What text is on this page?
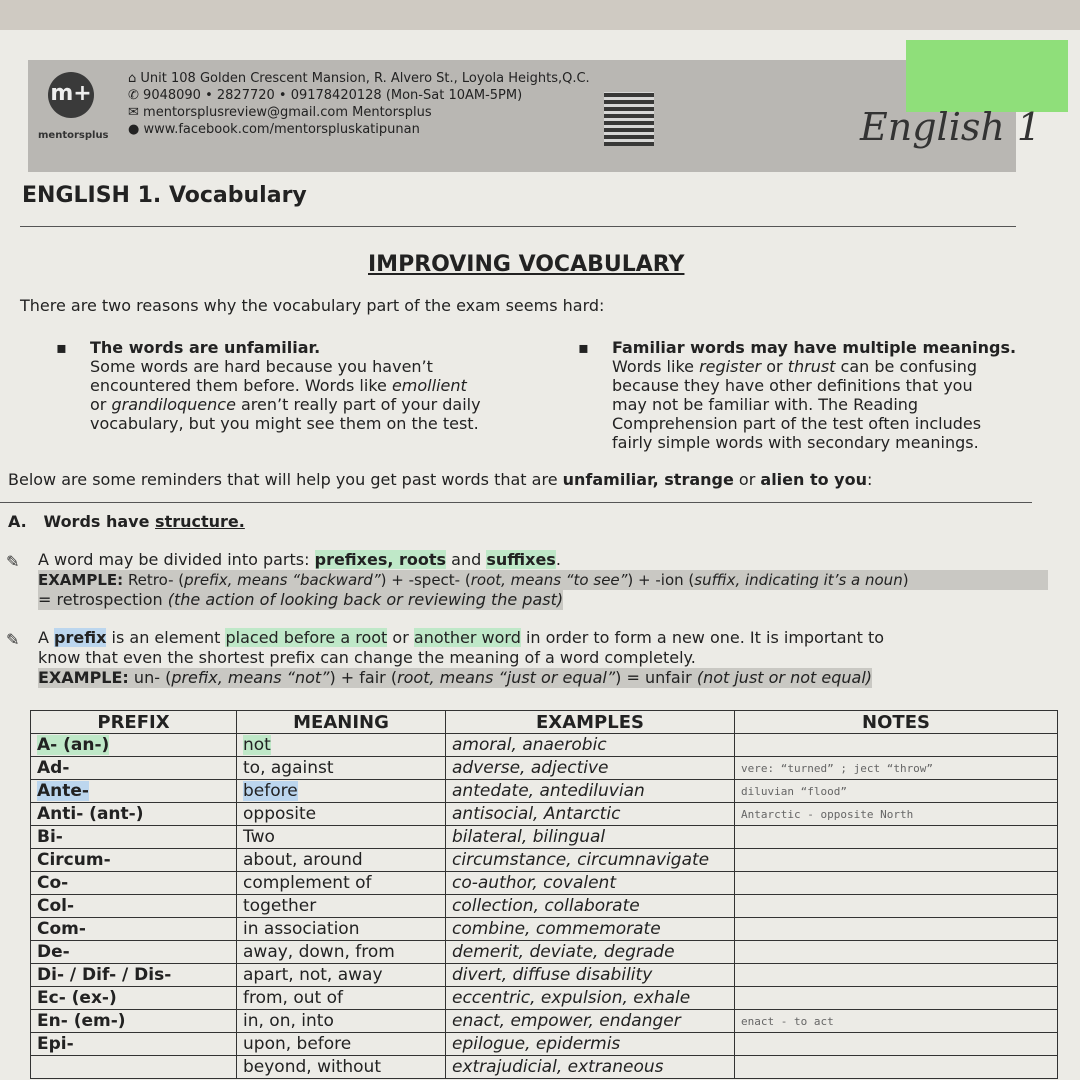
m+
mentorsplus
⌂ Unit 108 Golden Crescent Mansion, R. Alvero St., Loyola Heights,Q.C.
✆ 9048090 • 2827720 • 09178420128 (Mon-Sat 10AM-5PM)
✉ mentorsplusreview@gmail.com Mentorsplus
● www.facebook.com/mentorspluskatipunan	English 1
ENGLISH 1. Vocabulary
IMPROVING VOCABULARY
There are two reasons why the vocabulary part of the exam seems hard:
▪ The words are unfamiliar.
Some words are hard because you haven’t
encountered them before. Words like emollient
or grandiloquence aren’t really part of your daily
vocabulary, but you might see them on the test.
▪ Familiar words may have multiple meanings.
Words like register or thrust can be confusing
because they have other definitions that you
may not be familiar with. The Reading
Comprehension part of the test often includes
fairly simple words with secondary meanings.
Below are some reminders that will help you get past words that are unfamiliar, strange or alien to you:
A. Words have structure.
✎ A word may be divided into parts: prefixes, roots and suffixes.
EXAMPLE: Retro- (prefix, means “backward”) + -spect- (root, means “to see”) + -ion (suffix, indicating it’s a noun)
= retrospection (the action of looking back or reviewing the past)
✎ A prefix is an element placed before a root or another word in order to form a new one. It is important to
know that even the shortest prefix can change the meaning of a word completely.
EXAMPLE: un- (prefix, means “not”) + fair (root, means “just or equal”) = unfair (not just or not equal)
PREFIX	MEANING	EXAMPLES	NOTES
A- (an-)	not	amoral, anaerobic	
Ad-	to, against	adverse, adjective	vere: “turned” ; ject “throw”
Ante-	before	antedate, antediluvian	diluvian “flood”
Anti- (ant-)	opposite	antisocial, Antarctic	Antarctic - opposite North
Bi-	Two	bilateral, bilingual	
Circum-	about, around	circumstance, circumnavigate	
Co-	complement of	co-author, covalent	
Col-	together	collection, collaborate	
Com-	in association	combine, commemorate	
De-	away, down, from	demerit, deviate, degrade	
Di- / Dif- / Dis-	apart, not, away	divert, diffuse disability	
Ec- (ex-)	from, out of	eccentric, expulsion, exhale	
En- (em-)	in, on, into	enact, empower, endanger	enact - to act
Epi-	upon, before	epilogue, epidermis	
	beyond, without	extrajudicial, extraneous	
